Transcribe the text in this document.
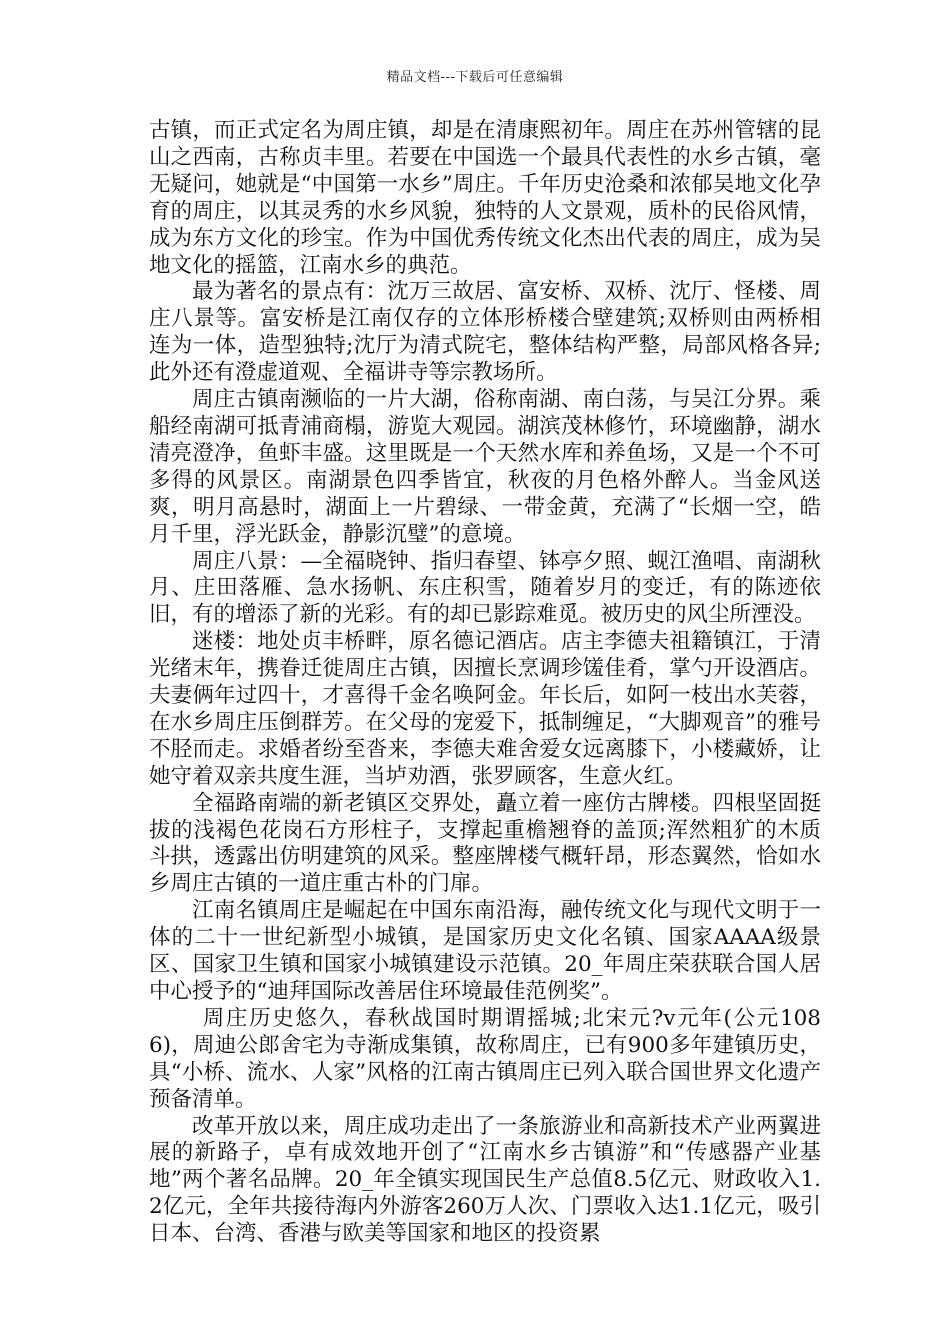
精品文档---下载后可任意编辑

古镇，而正式定名为周庄镇，却是在清康熙初年。周庄在苏州管辖的昆山之西南，古称贞丰里。若要在中国选一个最具代表性的水乡古镇，毫无疑问，她就是“中国第一水乡”周庄。千年历史沧桑和浓郁吴地文化孕育的周庄，以其灵秀的水乡风貌，独特的人文景观，质朴的民俗风情，成为东方文化的珍宝。作为中国优秀传统文化杰出代表的周庄，成为吴地文化的摇篮，江南水乡的典范。

最为著名的景点有：沈万三故居、富安桥、双桥、沈厅、怪楼、周庄八景等。富安桥是江南仅存的立体形桥楼合壁建筑;双桥则由两桥相连为一体，造型独特;沈厅为清式院宅，整体结构严整，局部风格各异;此外还有澄虚道观、全福讲寺等宗教场所。

周庄古镇南濒临的一片大湖，俗称南湖、南白荡，与吴江分界。乘船经南湖可抵青浦商榻，游览大观园。湖滨茂林修竹，环境幽静，湖水清亮澄净，鱼虾丰盛。这里既是一个天然水库和养鱼场，又是一个不可多得的风景区。南湖景色四季皆宜，秋夜的月色格外醉人。当金风送爽，明月高悬时，湖面上一片碧绿、一带金黄，充满了“长烟一空，皓月千里，浮光跃金，静影沉璧”的意境。

周庄八景：—全福晓钟、指归春望、钵亭夕照、蚬江渔唱、南湖秋月、庄田落雁、急水扬帆、东庄积雪，随着岁月的变迁，有的陈迹依旧，有的增添了新的光彩。有的却已影踪难觅。被历史的风尘所湮没。

迷楼：地处贞丰桥畔，原名德记酒店。店主李德夫祖籍镇江，于清光绪末年，携眷迁徙周庄古镇，因擅长烹调珍馐佳肴，掌勺开设酒店。夫妻俩年过四十，才喜得千金名唤阿金。年长后，如阿一枝出水芙蓉，在水乡周庄压倒群芳。在父母的宠爱下，抵制缠足，“大脚观音”的雅号不胫而走。求婚者纷至沓来，李德夫难舍爱女远离膝下，小楼藏娇，让她守着双亲共度生涯，当垆劝酒，张罗顾客，生意火红。

全福路南端的新老镇区交界处，矗立着一座仿古牌楼。四根坚固挺拔的浅褐色花岗石方形柱子，支撑起重檐翘脊的盖顶;浑然粗犷的木质斗拱，透露出仿明建筑的风采。整座牌楼气概轩昂，形态翼然，恰如水乡周庄古镇的一道庄重古朴的门扉。

江南名镇周庄是崛起在中国东南沿海，融传统文化与现代文明于一体的二十一世纪新型小城镇，是国家历史文化名镇、国家AAAA级景区、国家卫生镇和国家小城镇建设示范镇。20_年周庄荣获联合国人居中心授予的“迪拜国际改善居住环境最佳范例奖”。

周庄历史悠久，春秋战国时期谓摇城;北宋元?v元年(公元1086)，周迪公郎舍宅为寺渐成集镇，故称周庄，已有900多年建镇历史，具“小桥、流水、人家”风格的江南古镇周庄已列入联合国世界文化遗产预备清单。

改革开放以来，周庄成功走出了一条旅游业和高新技术产业两翼进展的新路子，卓有成效地开创了“江南水乡古镇游”和“传感器产业基地”两个著名品牌。20_年全镇实现国民生产总值8.5亿元、财政收入1.2亿元，全年共接待海内外游客260万人次、门票收入达1.1亿元，吸引日本、台湾、香港与欧美等国家和地区的投资累
